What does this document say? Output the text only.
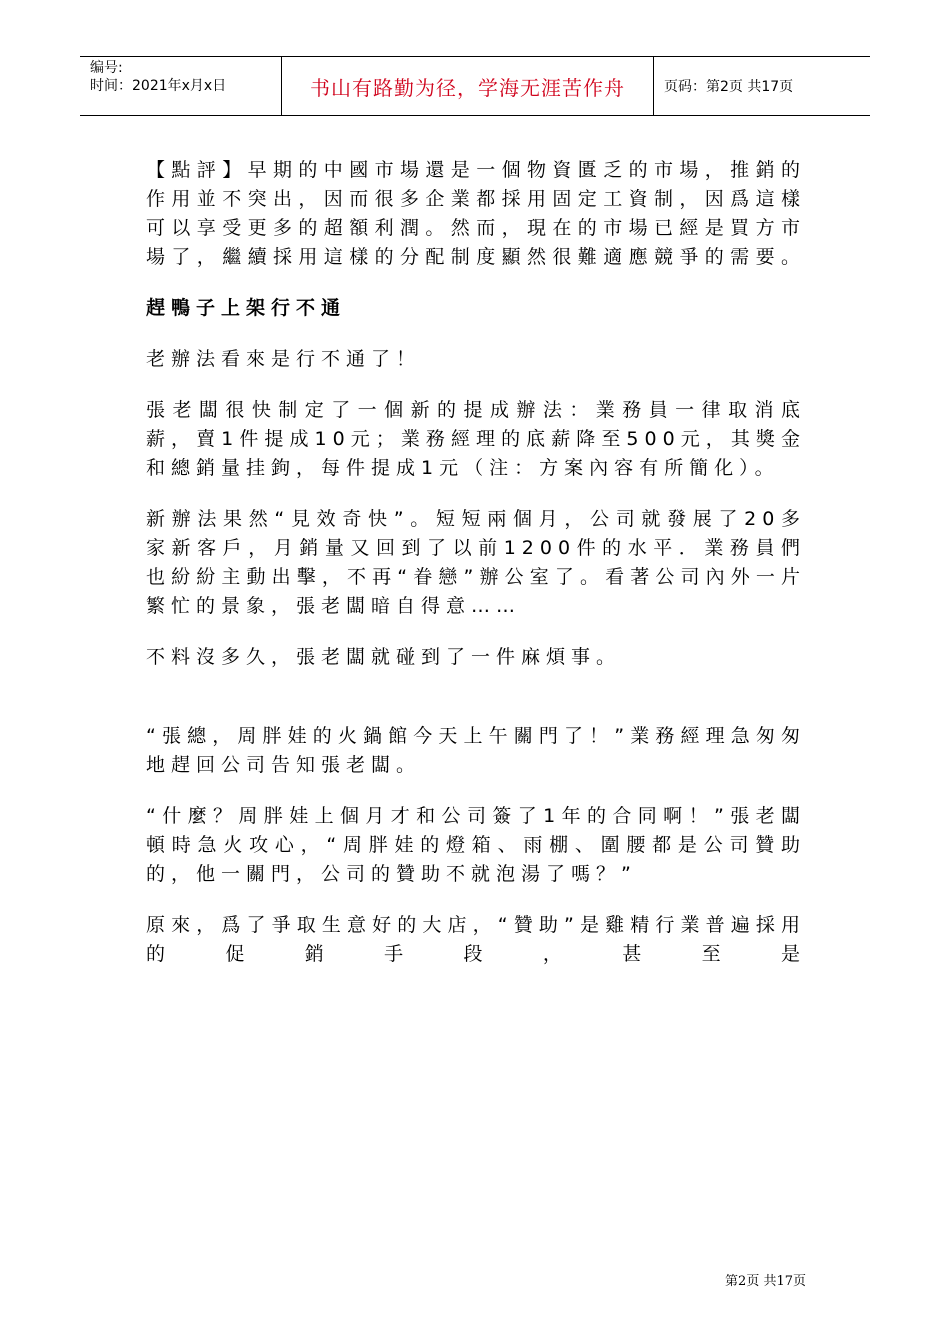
编号:
时间：2021年x月x日	书山有路勤为径，学海无涯苦作舟	页码：第2页 共17页

【點評】早期的中國市場還是一個物資匱乏的市場，推銷的作用並不突出，因而很多企業都採用固定工資制，因爲這樣可以享受更多的超額利潤。然而，現在的市場已經是買方市場了，繼續採用這樣的分配制度顯然很難適應競爭的需要。

趕鴨子上架行不通

老辦法看來是行不通了！

張老闆很快制定了一個新的提成辦法：業務員一律取消底薪，賣1件提成10元；業務經理的底薪降至500元，其獎金和總銷量挂鉤，每件提成1元（注：方案內容有所簡化）。

新辦法果然“見效奇快”。短短兩個月，公司就發展了20多家新客戶，月銷量又回到了以前1200件的水平．業務員們也紛紛主動出擊，不再“眷戀”辦公室了。看著公司內外一片繁忙的景象，張老闆暗自得意……

不料沒多久，張老闆就碰到了一件麻煩事。

“張總，周胖娃的火鍋館今天上午關門了！”業務經理急匆匆地趕回公司告知張老闆。

“什麼？周胖娃上個月才和公司簽了1年的合同啊！”張老闆頓時急火攻心，“周胖娃的燈箱、雨棚、圍腰都是公司贊助的，他一關門，公司的贊助不就泡湯了嗎？”

原來，爲了爭取生意好的大店，“贊助”是雞精行業普遍採用的促銷手段，甚至是

第2页 共17页
